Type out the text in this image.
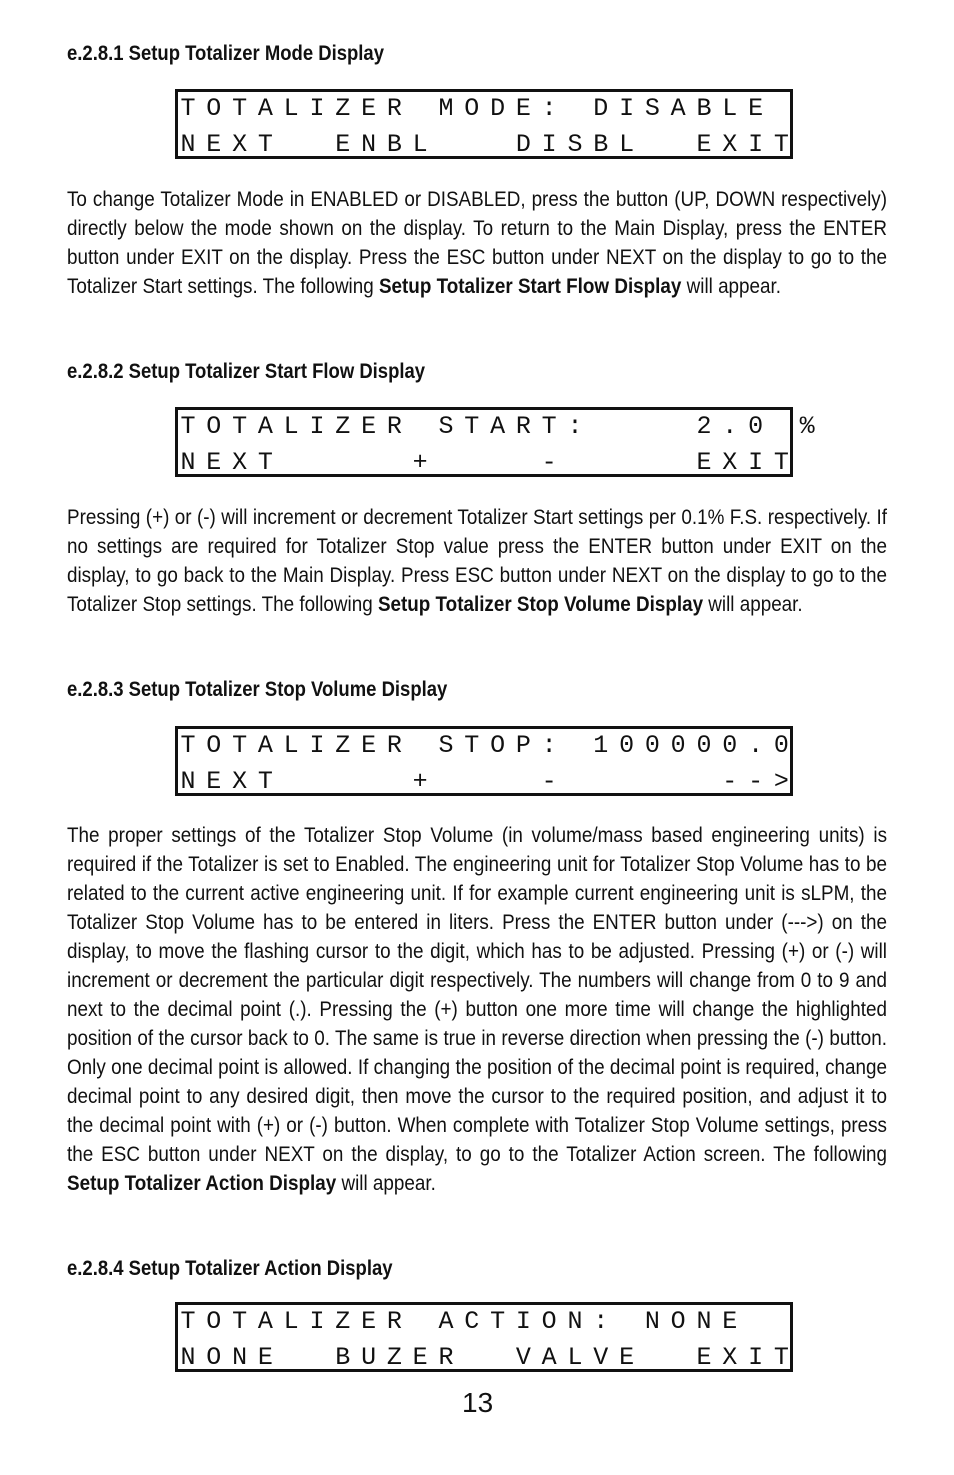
e.2.8.1 Setup Totalizer Mode Display
T O T A L I Z E R M O D E : D I S A B L E
N E X T E N B L	D I S B L E X I T
To change Totalizer Mode in ENABLED or DISABLED, press the button (UP, DOWN respectively) directly below the mode shown on the display. To return to the Main Display, press the ENTER button under EXIT on the display. Press the ESC button under NEXT on the display to go to the Totalizer Start settings. The following Setup Totalizer Start Flow Display will appear.
e.2.8.2 Setup Totalizer Start Flow Display
T O T A L I Z E R S T A R T :	2 . 0 %
N E X T	+	-	E X I T
Pressing (+) or (-) will increment or decrement Totalizer Start settings per 0.1% F.S. respectively. If no settings are required for Totalizer Stop value press the ENTER button under EXIT on the display, to go back to the Main Display. Press ESC button under NEXT on the display to go to the Totalizer Stop settings. The following Setup Totalizer Stop Volume Display will appear.
e.2.8.3 Setup Totalizer Stop Volume Display
T O T A L I Z E R S T O P : 1 0 0 0 0 0 . 0
N E X T	+	-	- - >
The proper settings of the Totalizer Stop Volume (in volume/mass based engineering units) is required if the Totalizer is set to Enabled. The engineering unit for Totalizer Stop Volume has to be related to the current active engineering unit. If for example current engineering unit is sLPM, the Totalizer Stop Volume has to be entered in liters. Press the ENTER button under (--->) on the display, to move the flashing cursor to the digit, which has to be adjusted. Pressing (+) or (-) will increment or decrement the particular digit respectively. The numbers will change from 0 to 9 and next to the decimal point (.). Pressing the (+) button one more time will change the highlighted position of the cursor back to 0. The same is true in reverse direction when pressing the (-) button. Only one decimal point is allowed. If changing the position of the decimal point is required, change decimal point to any desired digit, then move the cursor to the required position, and adjust it to the decimal point with (+) or (-) button. When complete with Totalizer Stop Volume settings, press the ESC button under NEXT on the display, to go to the Totalizer Action screen. The following Setup Totalizer Action Display will appear.
e.2.8.4 Setup Totalizer Action Display
T O T A L I Z E R A C T I O N : N O N E
N O N E B U Z E R V A L V E E X I T
13
